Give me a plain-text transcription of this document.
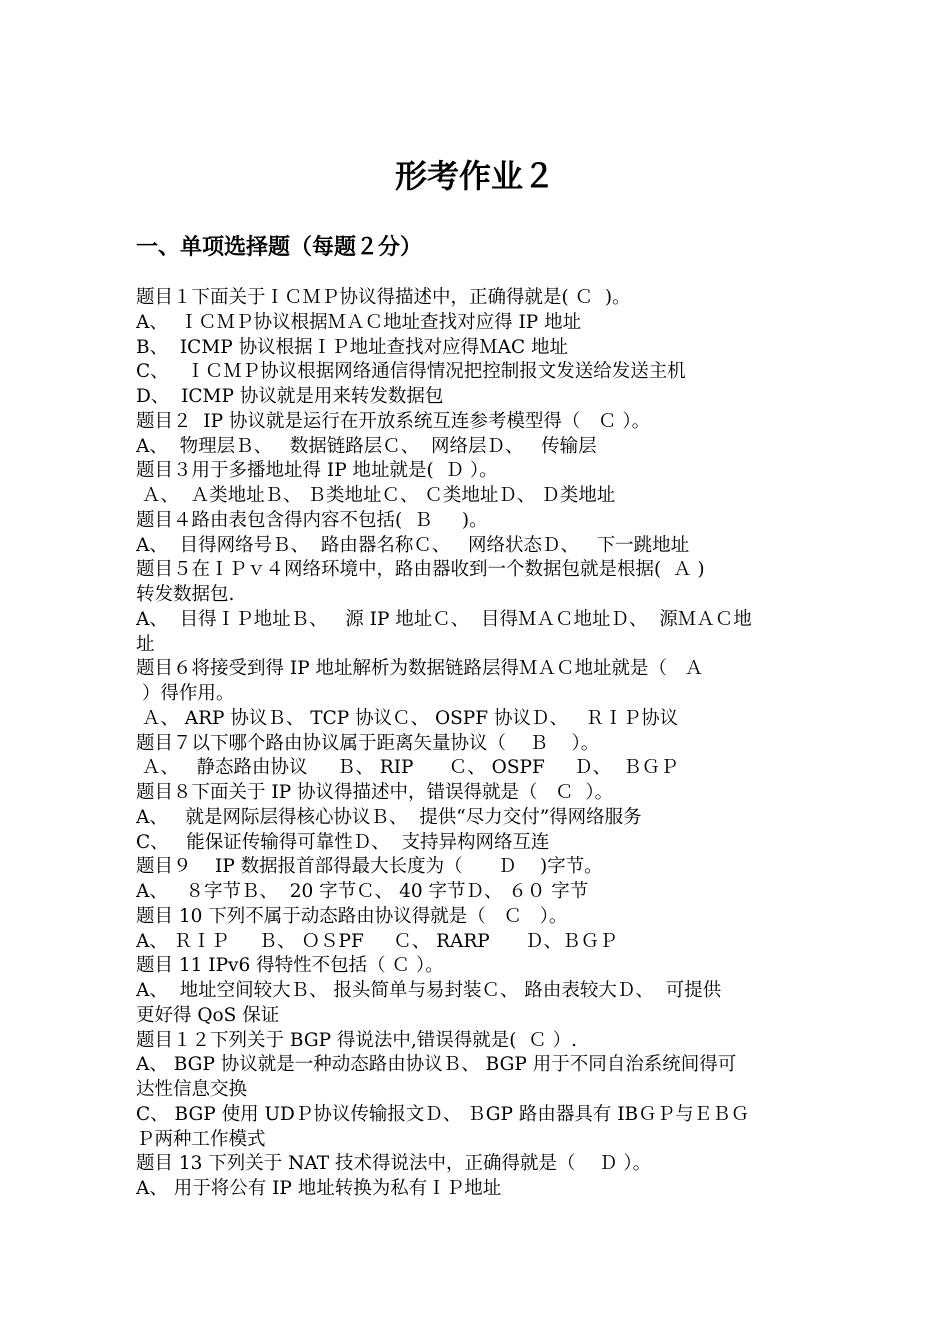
形考作业２
一、单项选择题（每题２分）
题目１下面关于ＩＣＭＰ协议得描述中，正确得就是( Ｃ  )。
A、  ＩＣＭＰ协议根据ＭＡＣ地址查找对应得 IP 地址
B、  ICMP 协议根据ＩＰ地址查找对应得ＭAC 地址
C、   ＩＣＭＰ协议根据网络通信得情况把控制报文发送给发送主机
D、  ICMP 协议就是用来转发数据包
题目２  IP 协议就是运行在开放系统互连参考模型得（   Ｃ ）。
A、  物理层Ｂ、   数据链路层Ｃ、  网络层Ｄ、   传输层
题目３用于多播地址得 IP 地址就是(  Ｄ ）。
Ａ、  Ａ类地址Ｂ、 Ｂ类地址Ｃ、 Ｃ类地址Ｄ、 Ｄ类地址
题目４路由表包含得内容不包括(  Ｂ     )。
A、  目得网络号Ｂ、  路由器名称Ｃ、   网络状态Ｄ、   下一跳地址
题目５在ＩＰｖ４网络环境中，路由器收到一个数据包就是根据(  Ａ )
转发数据包.
A、  目得ＩＰ地址Ｂ、   源 IP 地址Ｃ、  目得ＭＡＣ地址Ｄ、  源ＭＡＣ地
址
题目６将接受到得 IP 地址解析为数据链路层得ＭＡＣ地址就是（   Ａ
）得作用。
Ａ、 ARP 协议Ｂ、 TCP 协议Ｃ、 OSPF 协议Ｄ、   ＲＩＰ协议
题目７以下哪个路由协议属于距离矢量协议（    Ｂ    ）。
Ａ、   静态路由协议     Ｂ、 RIP      Ｃ、 OSPF     Ｄ、  ＢＧＰ
题目８下面关于 IP 协议得描述中，错误得就是（   Ｃ  ）。
A、   就是网际层得核心协议Ｂ、  提供“尽力交付”得网络服务
C、   能保证传输得可靠性Ｄ、  支持异构网络互连
题目９    IP 数据报首部得最大长度为（      Ｄ    )字节。
A、   ８字节Ｂ、  20 字节Ｃ、 40 字节Ｄ、 ６０ 字节
题目 10 下列不属于动态路由协议得就是（   Ｃ   ）。
A、 ＲＩＰ     Ｂ、 ＯＳPF     Ｃ、 RARP      Ｄ、ＢＧＰ
题目 11 IPv6 得特性不包括（ Ｃ ）。
A、  地址空间较大Ｂ、 报头简单与易封装Ｃ、 路由表较大Ｄ、  可提供
更好得 QoS 保证
题目１２下列关于 BGP 得说法中,错误得就是(  Ｃ ）.
A、 BGP 协议就是一种动态路由协议Ｂ、 BGP 用于不同自治系统间得可
达性信息交换
C、 BGP 使用 UDＰ协议传输报文Ｄ、 ＢGP 路由器具有 IBＧＰ与ＥＢＧ
Ｐ两种工作模式
题目 13 下列关于 NAT 技术得说法中，正确得就是（    Ｄ ）。
A、 用于将公有 IP 地址转换为私有ＩＰ地址
